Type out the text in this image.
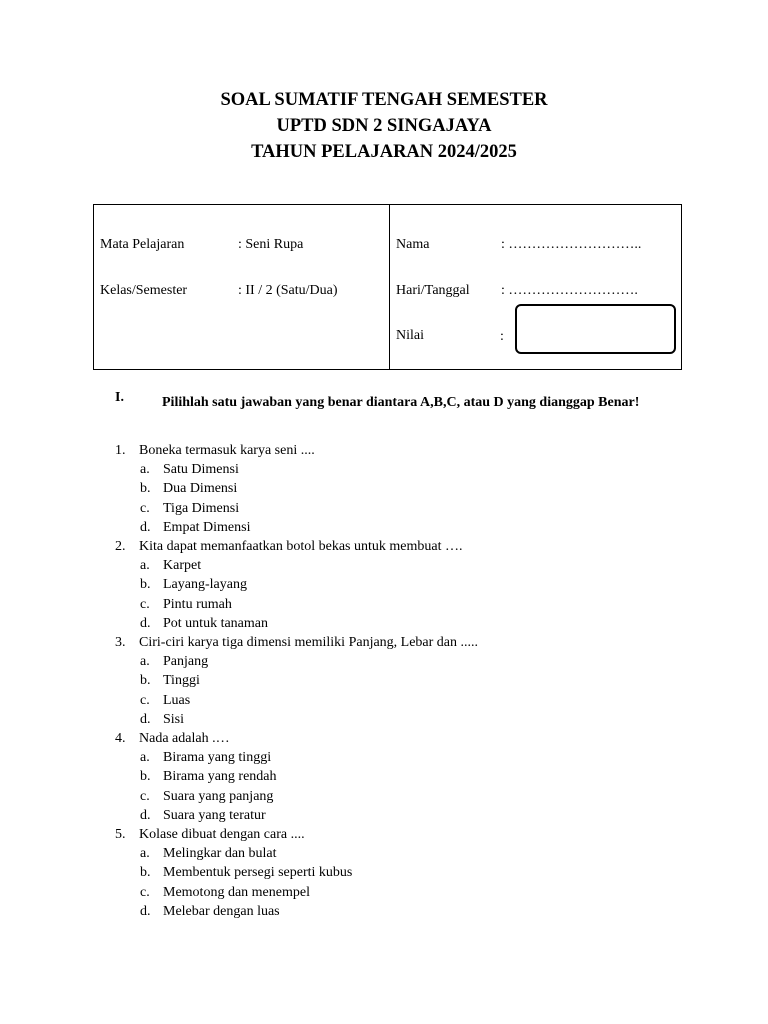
SOAL SUMATIF TENGAH SEMESTER
UPTD SDN 2 SINGAJAYA
TAHUN PELAJARAN 2024/2025
Mata Pelajaran	: Seni Rupa
Kelas/Semester	: II / 2 (Satu/Dua)
Nama	: ………………………..
Hari/Tanggal : ……………………….
Nilai	:
I.	Pilihlah satu jawaban yang benar diantara A,B,C, atau D yang dianggap Benar!
1. Boneka termasuk karya seni ....
a. Satu Dimensi
b. Dua Dimensi
c. Tiga Dimensi
d. Empat Dimensi
2. Kita dapat memanfaatkan botol bekas untuk membuat ….
a. Karpet
b. Layang-layang
c. Pintu rumah
d. Pot untuk tanaman
3. Ciri-ciri karya tiga dimensi memiliki Panjang, Lebar dan .....
a. Panjang
b. Tinggi
c. Luas
d. Sisi
4. Nada adalah .…
a. Birama yang tinggi
b. Birama yang rendah
c. Suara yang panjang
d. Suara yang teratur
5. Kolase dibuat dengan cara ....
a. Melingkar dan bulat
b. Membentuk persegi seperti kubus
c. Memotong dan menempel
d. Melebar dengan luas
